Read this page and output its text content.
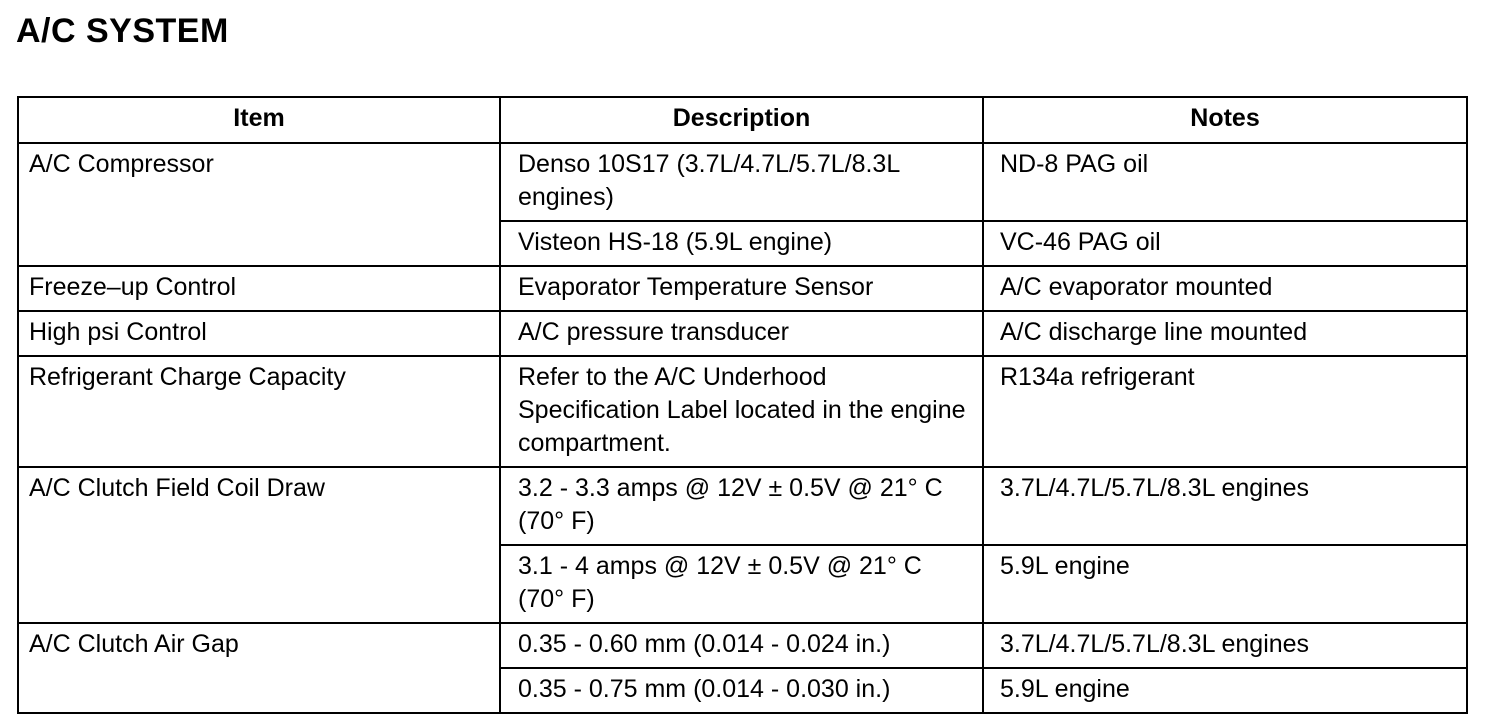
A/C SYSTEM
Item	Description	Notes
A/C Compressor	Denso 10S17 (3.7L/4.7L/5.7L/8.3L engines)	ND-8 PAG oil
	Visteon HS-18 (5.9L engine)	VC-46 PAG oil
Freeze–up Control	Evaporator Temperature Sensor	A/C evaporator mounted
High psi Control	A/C pressure transducer	A/C discharge line mounted
Refrigerant Charge Capacity	Refer to the A/C Underhood Specification Label located in the engine compartment.	R134a refrigerant
A/C Clutch Field Coil Draw	3.2 - 3.3 amps @ 12V ± 0.5V @ 21° C (70° F)	3.7L/4.7L/5.7L/8.3L engines
	3.1 - 4 amps @ 12V ± 0.5V @ 21° C (70° F)	5.9L engine
A/C Clutch Air Gap	0.35 - 0.60 mm (0.014 - 0.024 in.)	3.7L/4.7L/5.7L/8.3L engines
	0.35 - 0.75 mm (0.014 - 0.030 in.)	5.9L engine
